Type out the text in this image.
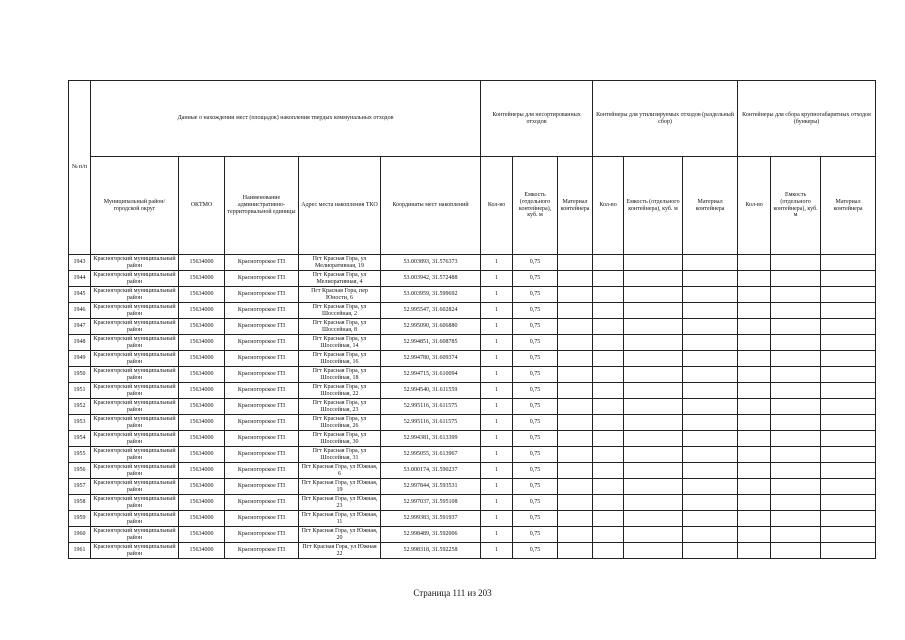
№ п/п	Данные о нахождении мест (площадок) накопления твердых коммунальных отходов					Контейнеры для несортированных отходов			Контейнеры для утилизируемых отходов (раздельный сбор)			Контейнеры для сбора крупногабаритных отходов (бункеры)		
	Муниципальный район/городской округ	ОКТМО	Наименование административно-территориальной единицы	Адрес места накопления ТКО	Координаты мест накоплений	Кол-во	Емкость (отдельного контейнера), куб. м	Материал контейнера	Кол-во	Емкость (отдельного контейнера), куб. м	Материал контейнера	Кол-во	Емкость (отдельного контейнера), куб. м	Материал контейнера
1943	Красногорский муниципальный район	15634000	Красногорское ГП	Пгт Красная Гора, ул Мелиоративная, 19	53.003893, 31.576373	1	0,75							
1944	Красногорский муниципальный район	15634000	Красногорское ГП	Пгт Красная Гора, ул Мелиоративная, 4	53.003942, 31.572488	1	0,75							
1945	Красногорский муниципальный район	15634000	Красногорское ГП	Пгт Красная Гора, пер Юности, 6	53.003959, 31.599692	1	0,75							
1946	Красногорский муниципальный район	15634000	Красногорское ГП	Пгт Красная Гора, ул Шоссейная, 2	52.995547, 31.602824	1	0,75							
1947	Красногорский муниципальный район	15634000	Красногорское ГП	Пгт Красная Гора, ул Шоссейная, 8	52.995090, 31.606880	1	0,75							
1948	Красногорский муниципальный район	15634000	Красногорское ГП	Пгт Красная Гора, ул Шоссейная, 14	52.994851, 31.608785	1	0,75							
1949	Красногорский муниципальный район	15634000	Красногорское ГП	Пгт Красная Гора, ул Шоссейная, 16	52.994780, 31.609374	1	0,75							
1950	Красногорский муниципальный район	15634000	Красногорское ГП	Пгт Красная Гора, ул Шоссейная, 18	52.994715, 31.610094	1	0,75							
1951	Красногорский муниципальный район	15634000	Красногорское ГП	Пгт Красная Гора, ул Шоссейная, 22	52.994540, 31.611559	1	0,75							
1952	Красногорский муниципальный район	15634000	Красногорское ГП	Пгт Красная Гора, ул Шоссейная, 23	52.995116, 31.611575	1	0,75							
1953	Красногорский муниципальный район	15634000	Красногорское ГП	Пгт Красная Гора, ул Шоссейная, 26	52.995116, 31.611575	1	0,75							
1954	Красногорский муниципальный район	15634000	Красногорское ГП	Пгт Красная Гора, ул Шоссейная, 30	52.994381, 31.613399	1	0,75							
1955	Красногорский муниципальный район	15634000	Красногорское ГП	Пгт Красная Гора, ул Шоссейная, 31	52.995055, 31.613967	1	0,75							
1956	Красногорский муниципальный район	15634000	Красногорское ГП	Пгт Красная Гора, ул Южная, 6	53.000174, 31.590237	1	0,75							
1957	Красногорский муниципальный район	15634000	Красногорское ГП	Пгт Красная Гора, ул Южная, 19	52.997844, 31.593531	1	0,75							
1958	Красногорский муниципальный район	15634000	Красногорское ГП	Пгт Красная Гора, ул Южная, 23	52.997037, 31.595108	1	0,75							
1959	Красногорский муниципальный район	15634000	Красногорское ГП	Пгт Красная Гора, ул Южная, 11	52.999383, 31.591937	1	0,75							
1960	Красногорский муниципальный район	15634000	Красногорское ГП	Пгт Красная Гора, ул Южная, 20	52.998489, 31.592006	1	0,75							
1961	Красногорский муниципальный район	15634000	Красногорское ГП	Пгт Красная Гора, ул Южная 22	52.998318, 31.592258	1	0,75							
Страница 111 из 203
